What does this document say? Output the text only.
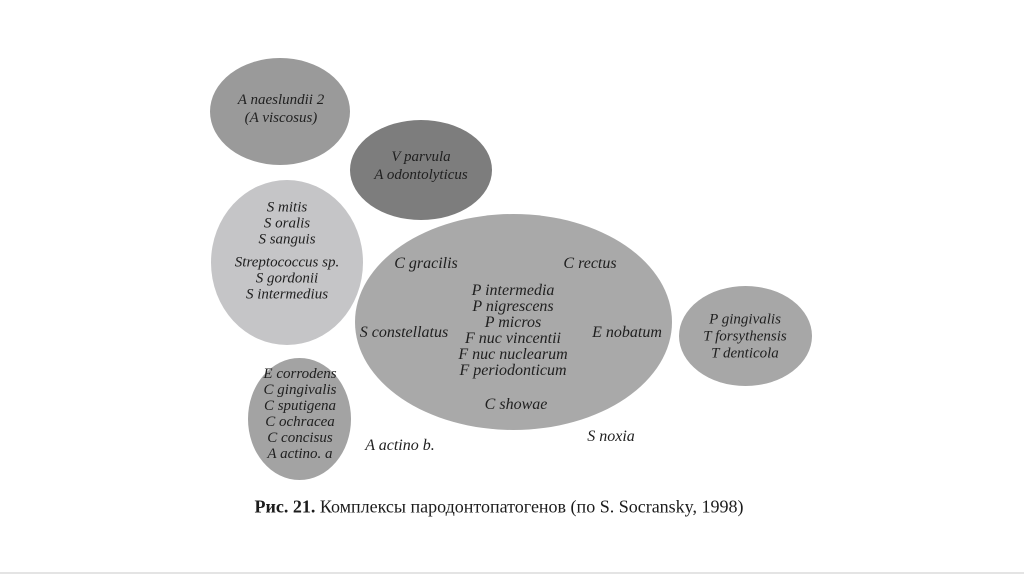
A naeslundii 2
(A viscosus)
V parvula
A odontolyticus
S mitis
S oralis
S sanguis
Streptococcus sp.
S gordonii
S intermedius
C gracilis	C rectus
P intermedia
P nigrescens
P micros
F nuc vincentii
F nuc nuclearum
F periodonticum
S constellatus	E nobatum
C showae
E corrodens
C gingivalis
C sputigena
C ochracea
C concisus
A actino. a
P gingivalis
T forsythensis
T denticola
A actino b.
S noxia
Рис. 21. Комплексы пародонтопатогенов (по S. Socransky, 1998)
